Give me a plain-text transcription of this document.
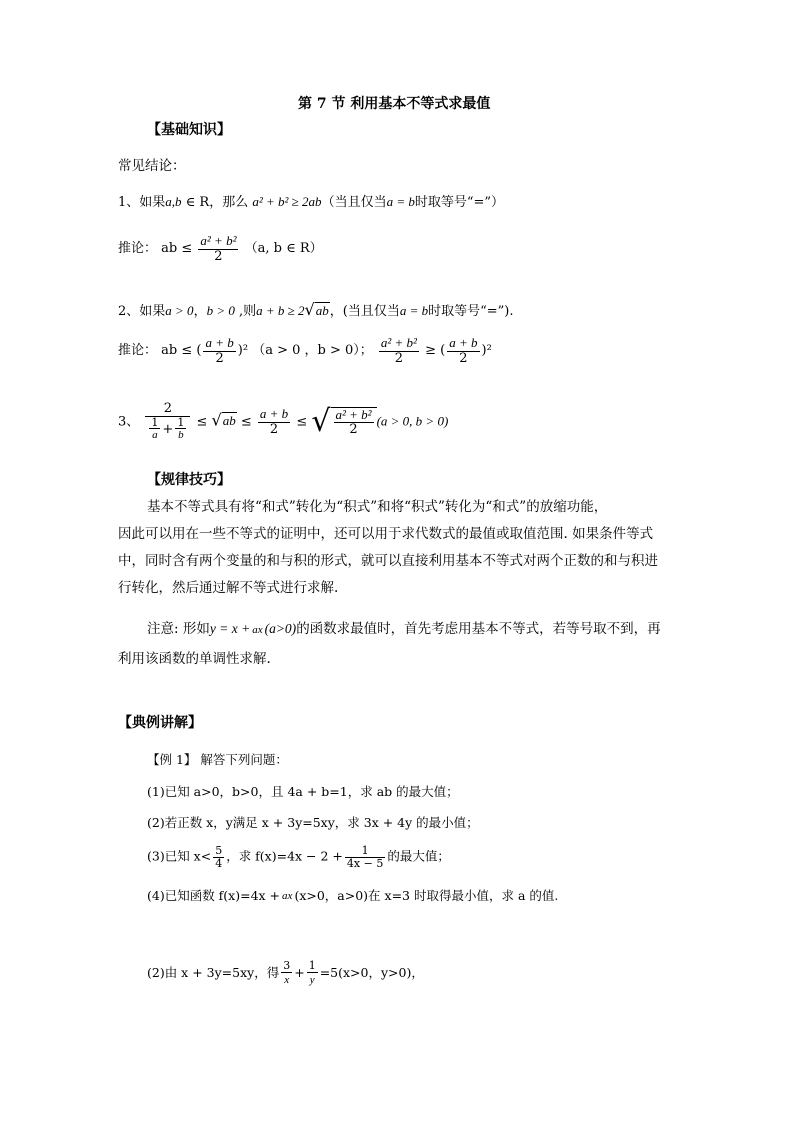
第 7 节 利用基本不等式求最值
【基础知识】
常见结论：
1、如果a,b ∈ R，那么 a² + b² ≥ 2ab（当且仅当a = b时取等号“=”）
推论： ab ≤ $\frac{\text{a² + b²}}{2} (a$, b ∈ R）
2、如果a > 0，b > 0 ,则a + b ≥ 2√ab，(当且仅当a = b时取等号“=”).
推论： ab ≤ ( $\frac{a + b}{2} )^2$ （a > 0 ，b > 0）； $\frac{\text{a² + b²}}{2}$ ≥ ( $\frac{a + b}{2} )^2$
3、 $\frac{2}{\frac{1}{a} + \frac{1}{b}} \le √ab \le \frac{a + b}{2}$ ≤ √ $\frac{\text{a² + b²}}{2} (a > 0$, b > 0)
【规律技巧】
基本不等式具有将“和式”转化为“积式”和将“积式”转化为“和式”的放缩功能，
因此可以用在一些不等式的证明中，还可以用于求代数式的最值或取值范围. 如果条件等式
中，同时含有两个变量的和与积的形式，就可以直接利用基本不等式对两个正数的和与积进
行转化，然后通过解不等式进行求解.
注意: 形如y = x + ax (a>0)的函数求最值时，首先考虑用基本不等式，若等号取不到，再
利用该函数的单调性求解.
【典例讲解】
【例 1】 解答下列问题：
(1)已知 a>0，b>0，且 4a + b=1，求 ab 的最大值；
(2)若正数 x，y满足 x + 3y=5xy，求 3x + 4y 的最小值；
(3)已知 $x< \frac{5}{4}$ ，求 $f(x)=4x - 2 + \frac{1}{4x - 5}$ 的最大值；
(4)已知函数 f(x)=4x + ax (x>0，a>0)在 x=3 时取得最小值，求 a 的值.
(2)由 x + 3y=5xy，得 $\frac{3}{x} + \frac{1}{y} =5(x>0$，y>0)，
